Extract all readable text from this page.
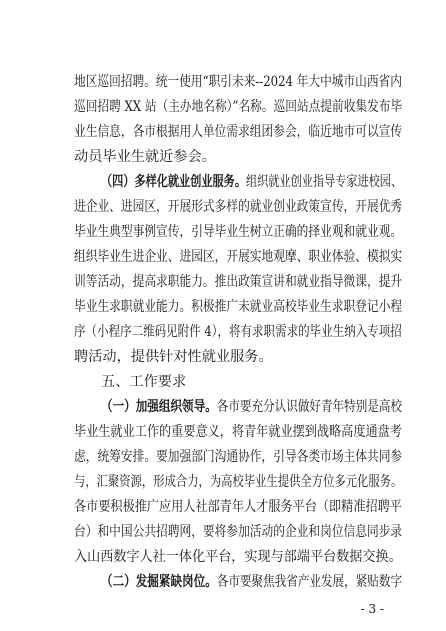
地区巡回招聘。统一使用“职引未来--2024 年大中城市山西省内
巡回招聘 XX 站（主办地名称）”名称。巡回站点提前收集发布毕
业生信息，各市根据用人单位需求组团参会，临近地市可以宣传
动员毕业生就近参会。
（四）多样化就业创业服务。组织就业创业指导专家进校园、
进企业、进园区，开展形式多样的就业创业政策宣传，开展优秀
毕业生典型事例宣传，引导毕业生树立正确的择业观和就业观。
组织毕业生进企业、进园区，开展实地观摩、职业体验、模拟实
训等活动，提高求职能力。推出政策宣讲和就业指导微课，提升
毕业生求职就业能力。积极推广未就业高校毕业生求职登记小程
序（小程序二维码见附件 4），将有求职需求的毕业生纳入专项招
聘活动，提供针对性就业服务。
五、工作要求
（一）加强组织领导。各市要充分认识做好青年特别是高校
毕业生就业工作的重要意义，将青年就业摆到战略高度通盘考
虑，统筹安排。要加强部门沟通协作，引导各类市场主体共同参
与，汇聚资源，形成合力，为高校毕业生提供全方位多元化服务。
各市要积极推广应用人社部青年人才服务平台（即精准招聘平
台）和中国公共招聘网，要将参加活动的企业和岗位信息同步录
入山西数字人社一体化平台，实现与部端平台数据交换。
（二）发掘紧缺岗位。各市要聚焦我省产业发展，紧贴数字
- 3 -
